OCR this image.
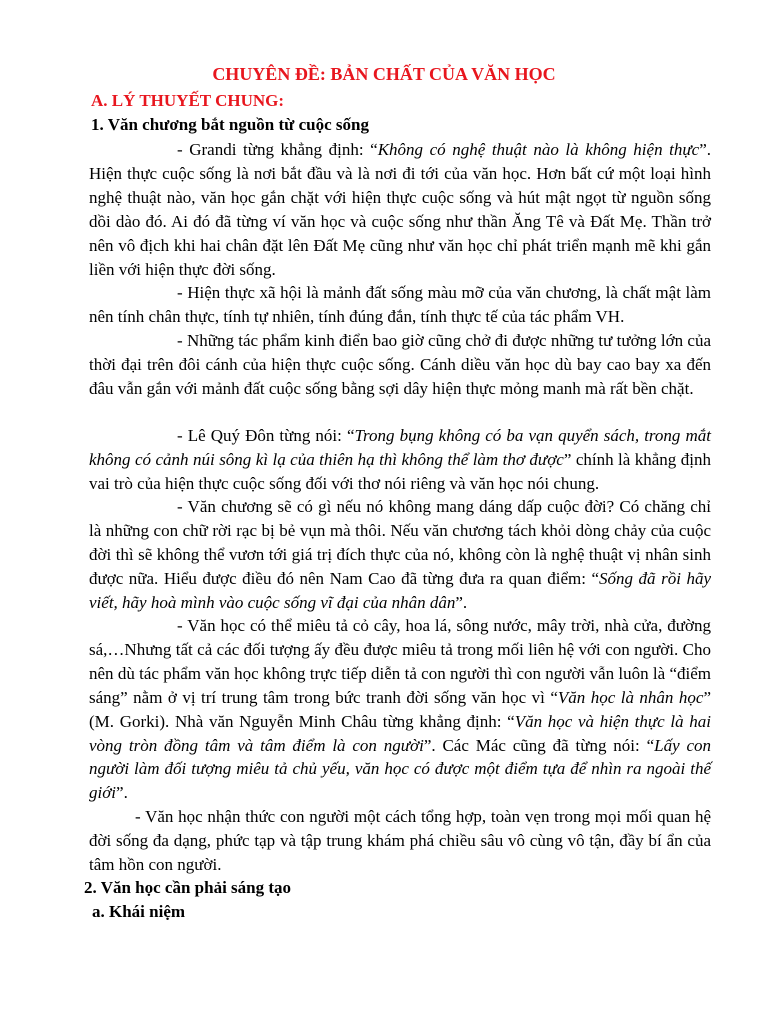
CHUYÊN ĐỀ: BẢN CHẤT CỦA VĂN HỌC
A. LÝ THUYẾT CHUNG:
1. Văn chương bắt nguồn từ cuộc sống
- Grandi từng khẳng định: “Không có nghệ thuật nào là không hiện thực”. Hiện thực cuộc sống là nơi bắt đầu và là nơi đi tới của văn học. Hơn bất cứ một loại hình nghệ thuật nào, văn học gắn chặt với hiện thực cuộc sống và hút mật ngọt từ nguồn sống dồi dào đó. Ai đó đã từng ví văn học và cuộc sống như thần Ăng Tê và Đất Mẹ. Thần trở nên vô địch khi hai chân đặt lên Đất Mẹ cũng như văn học chỉ phát triển mạnh mẽ khi gắn liền với hiện thực đời sống.
- Hiện thực xã hội là mảnh đất sống màu mỡ của văn chương, là chất mật làm nên tính chân thực, tính tự nhiên, tính đúng đắn, tính thực tế của tác phẩm VH.
- Những tác phẩm kinh điển bao giờ cũng chở đi được những tư tưởng lớn của thời đại trên đôi cánh của hiện thực cuộc sống. Cánh diều văn học dù bay cao bay xa đến đâu vẫn gắn với mảnh đất cuộc sống bằng sợi dây hiện thực mỏng manh mà rất bền chặt.
- Lê Quý Đôn từng nói: “Trong bụng không có ba vạn quyển sách, trong mắt không có cảnh núi sông kì lạ của thiên hạ thì không thể làm thơ được” chính là khẳng định vai trò của hiện thực cuộc sống đối với thơ nói riêng và văn học nói chung.
- Văn chương sẽ có gì nếu nó không mang dáng dấp cuộc đời? Có chăng chỉ là những con chữ rời rạc bị bẻ vụn mà thôi. Nếu văn chương tách khỏi dòng chảy của cuộc đời thì sẽ không thể vươn tới giá trị đích thực của nó, không còn là nghệ thuật vị nhân sinh được nữa. Hiểu được điều đó nên Nam Cao đã từng đưa ra quan điểm: “Sống đã rồi hãy viết, hãy hoà mình vào cuộc sống vĩ đại của nhân dân”.
- Văn học có thể miêu tả cỏ cây, hoa lá, sông nước, mây trời, nhà cửa, đường sá,…Nhưng tất cả các đối tượng ấy đều được miêu tả trong mối liên hệ với con người. Cho nên dù tác phẩm văn học không trực tiếp diễn tả con người thì con người vẫn luôn là “điểm sáng” nằm ở vị trí trung tâm trong bức tranh đời sống văn học vì “Văn học là nhân học” (M. Gorki). Nhà văn Nguyễn Minh Châu từng khẳng định: “Văn học và hiện thực là hai vòng tròn đồng tâm và tâm điểm là con người”. Các Mác cũng đã từng nói: “Lấy con người làm đối tượng miêu tả chủ yếu, văn học có được một điểm tựa để nhìn ra ngoài thế giới”.
- Văn học nhận thức con người một cách tổng hợp, toàn vẹn trong mọi mối quan hệ đời sống đa dạng, phức tạp và tập trung khám phá chiều sâu vô cùng vô tận, đầy bí ẩn của tâm hồn con người.
2. Văn học cần phải sáng tạo
a. Khái niệm
